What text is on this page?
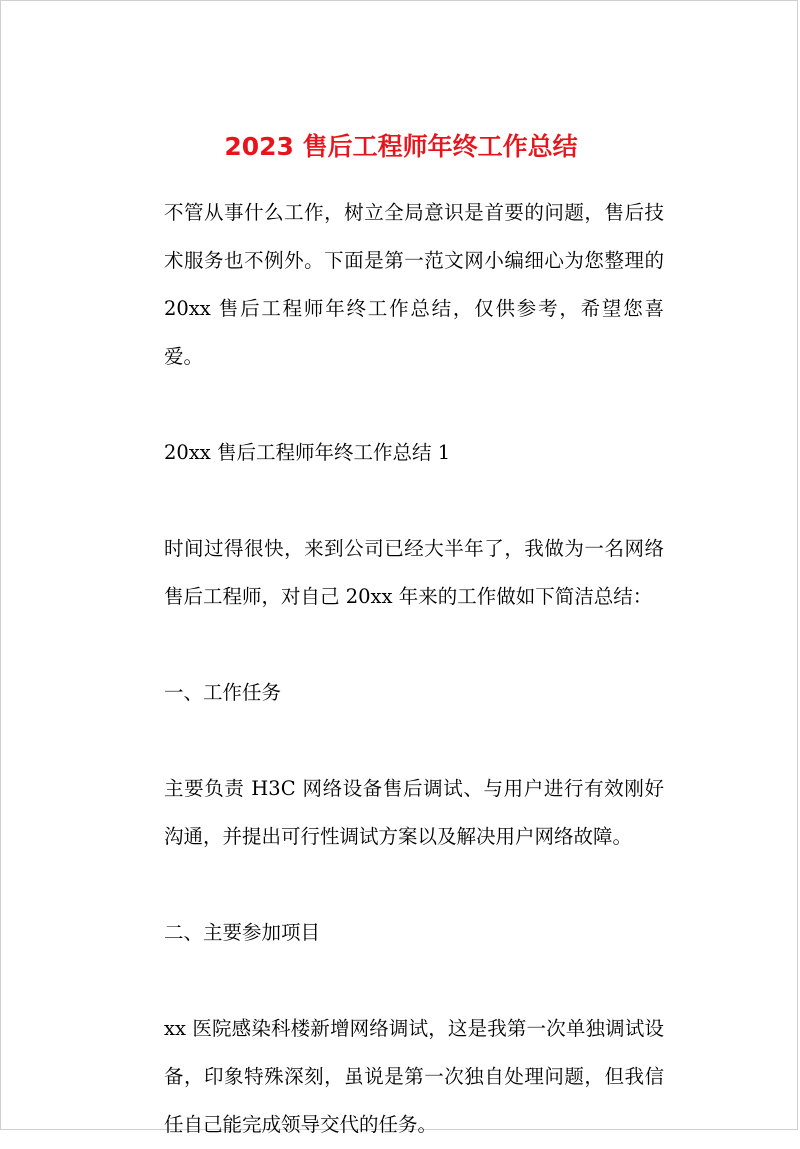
2023 售后工程师年终工作总结

不管从事什么工作，树立全局意识是首要的问题，售后技术服务也不例外。下面是第一范文网小编细心为您整理的20xx 售后工程师年终工作总结，仅供参考，希望您喜爱。

20xx 售后工程师年终工作总结 1

时间过得很快，来到公司已经大半年了，我做为一名网络售后工程师，对自己 20xx 年来的工作做如下简洁总结：

一、工作任务

主要负责 H3C 网络设备售后调试、与用户进行有效刚好沟通，并提出可行性调试方案以及解决用户网络故障。

二、主要参加项目

xx 医院感染科楼新增网络调试，这是我第一次单独调试设备，印象特殊深刻，虽说是第一次独自处理问题，但我信任自己能完成领导交代的任务。
